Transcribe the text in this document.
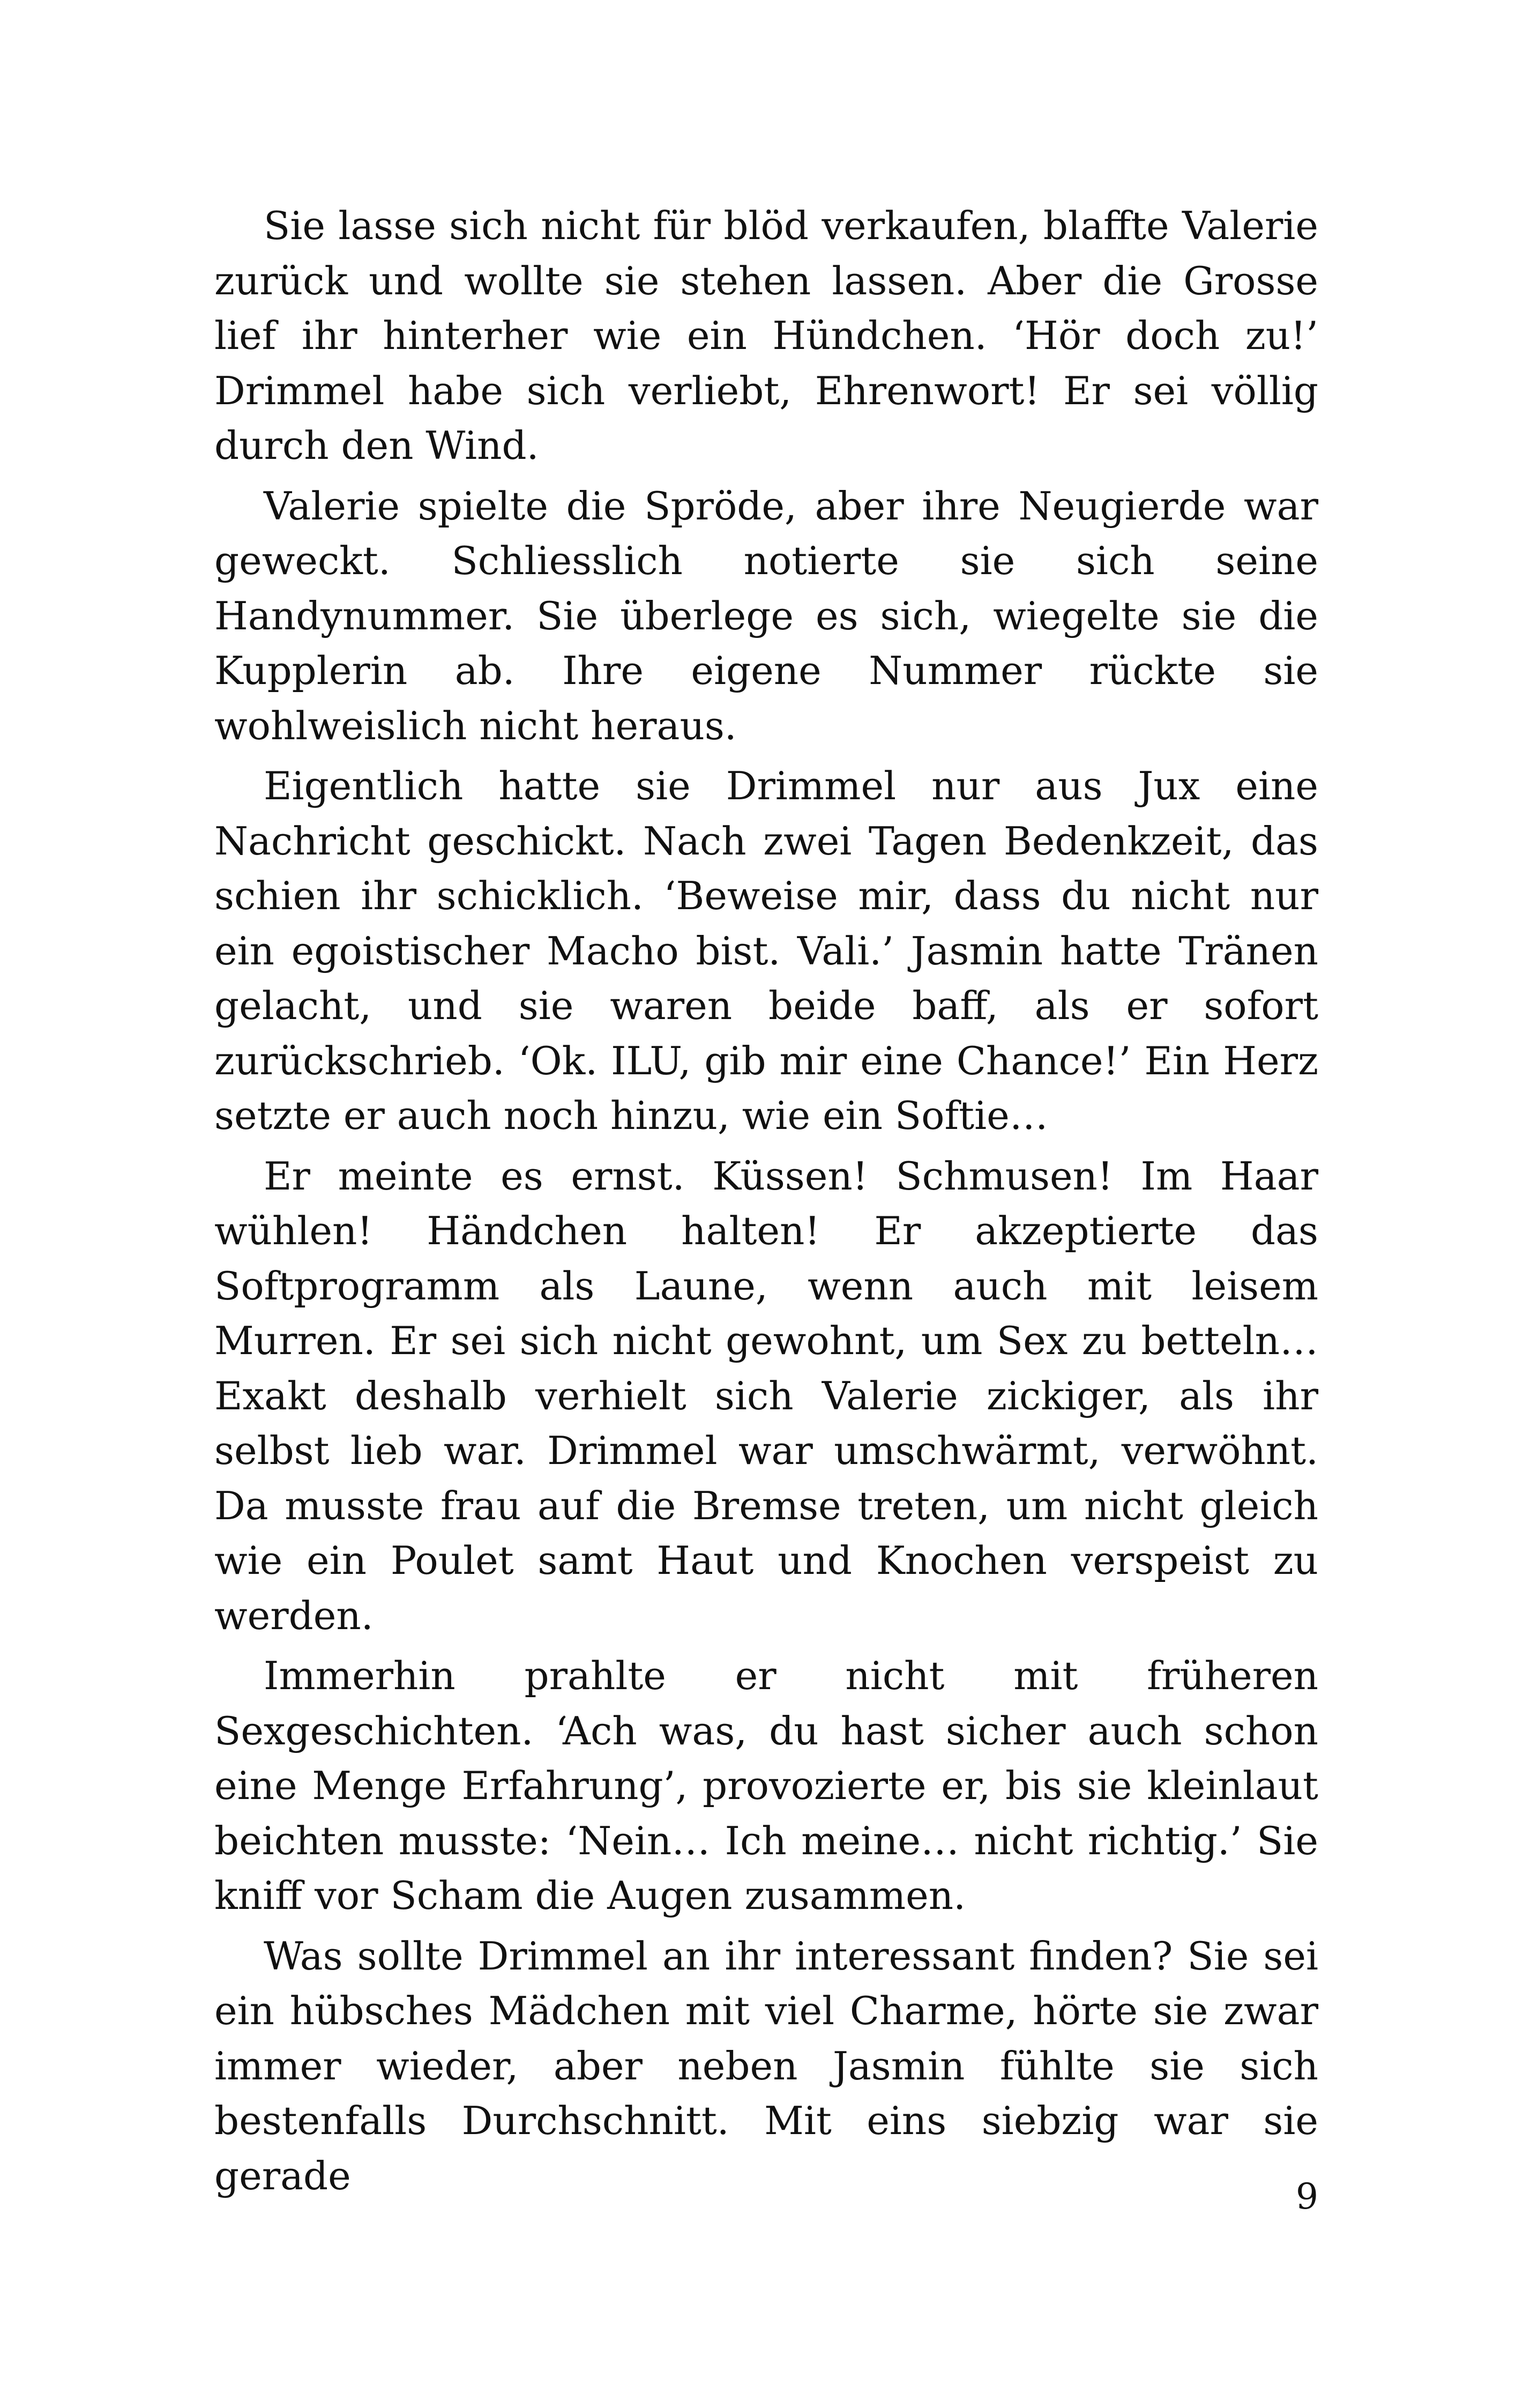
Sie lasse sich nicht für blöd verkaufen, blaffte Valerie zurück und wollte sie stehen lassen. Aber die Grosse lief ihr hinterher wie ein Hündchen. ‘Hör doch zu!’ Drimmel habe sich verliebt, Ehrenwort! Er sei völlig durch den Wind.

Valerie spielte die Spröde, aber ihre Neugierde war geweckt. Schliesslich notierte sie sich seine Handynummer. Sie überlege es sich, wiegelte sie die Kupplerin ab. Ihre eigene Nummer rückte sie wohlweislich nicht heraus.

Eigentlich hatte sie Drimmel nur aus Jux eine Nachricht geschickt. Nach zwei Tagen Bedenkzeit, das schien ihr schicklich. ‘Beweise mir, dass du nicht nur ein egoistischer Macho bist. Vali.’ Jasmin hatte Tränen gelacht, und sie waren beide baff, als er sofort zurückschrieb. ‘Ok. ILU, gib mir eine Chance!’ Ein Herz setzte er auch noch hinzu, wie ein Softie…

Er meinte es ernst. Küssen! Schmusen! Im Haar wühlen! Händchen halten! Er akzeptierte das Softprogramm als Laune, wenn auch mit leisem Murren. Er sei sich nicht gewohnt, um Sex zu betteln… Exakt deshalb verhielt sich Valerie zickiger, als ihr selbst lieb war. Drimmel war umschwärmt, verwöhnt. Da musste frau auf die Bremse treten, um nicht gleich wie ein Poulet samt Haut und Knochen verspeist zu werden.

Immerhin prahlte er nicht mit früheren Sexgeschichten. ‘Ach was, du hast sicher auch schon eine Menge Erfahrung’, provozierte er, bis sie kleinlaut beichten musste: ‘Nein… Ich meine… nicht richtig.’ Sie kniff vor Scham die Augen zusammen.

Was sollte Drimmel an ihr interessant finden? Sie sei ein hübsches Mädchen mit viel Charme, hörte sie zwar immer wieder, aber neben Jasmin fühlte sie sich bestenfalls Durchschnitt. Mit eins siebzig war sie gerade	9
